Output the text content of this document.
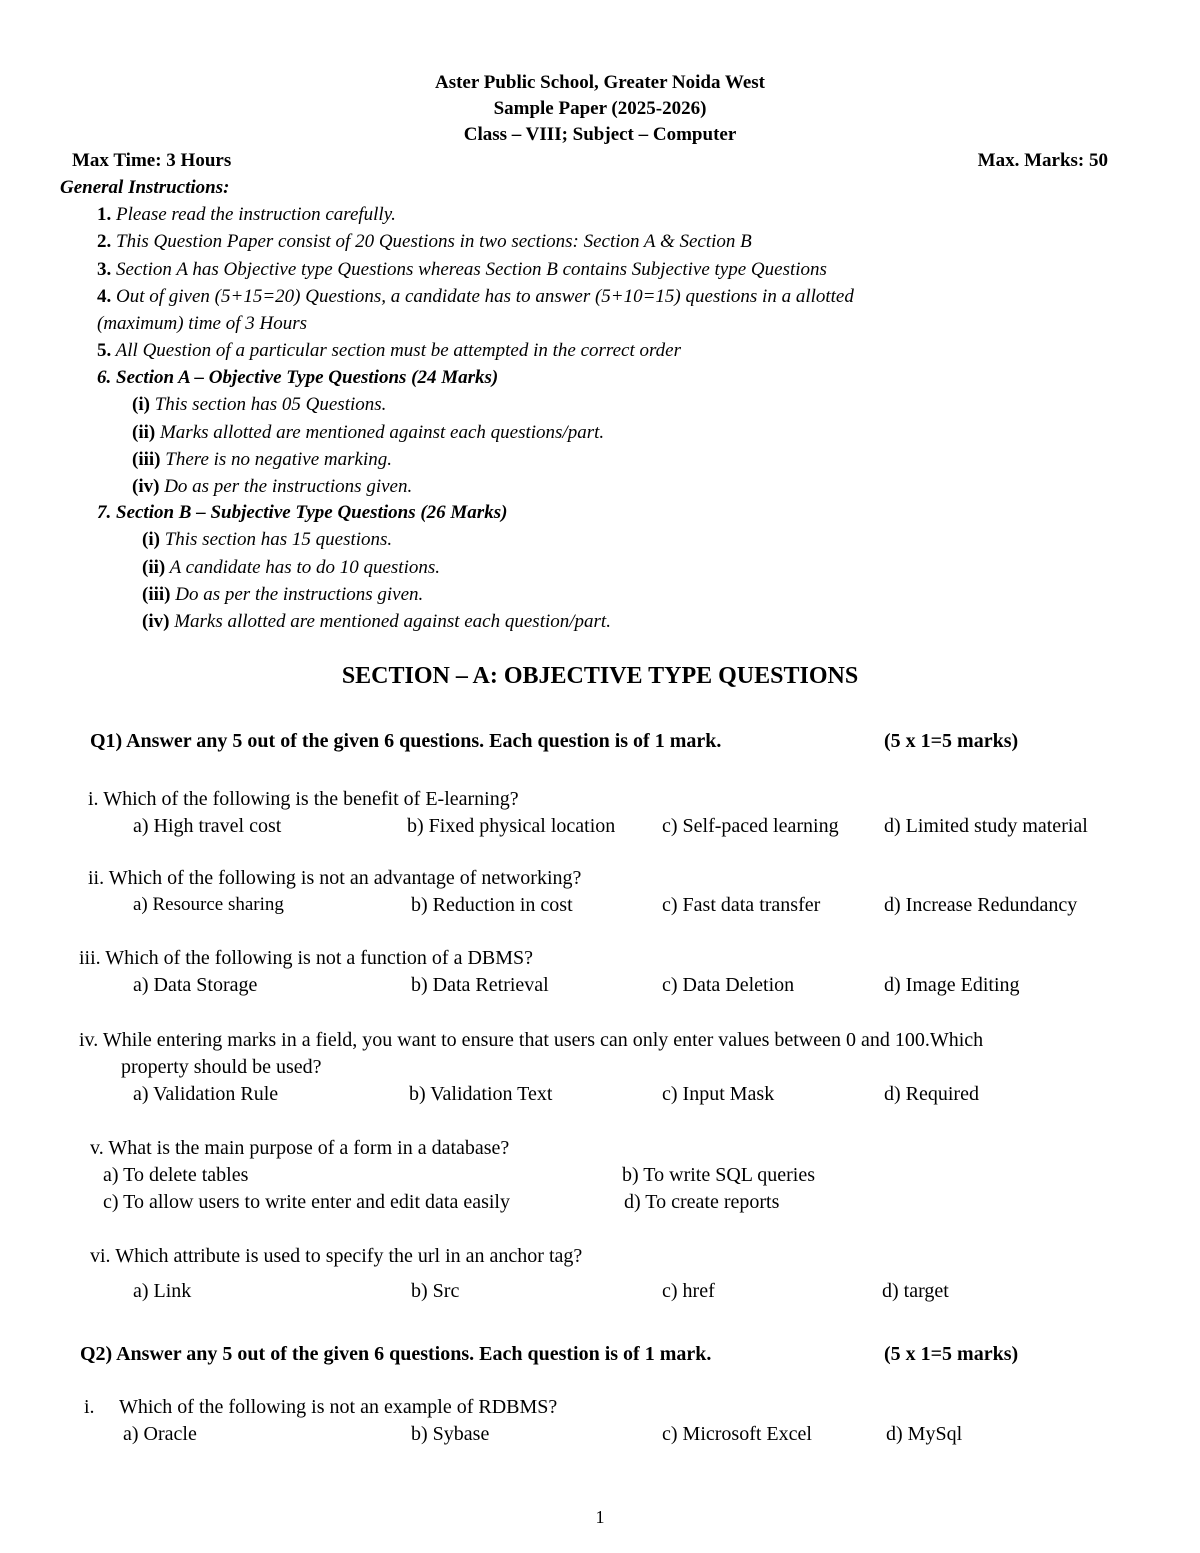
Aster Public School, Greater Noida West
Sample Paper (2025-2026)
Class – VIII; Subject – Computer
Max Time: 3 Hours	Max. Marks: 50
General Instructions:
1. Please read the instruction carefully.
2. This Question Paper consist of 20 Questions in two sections: Section A & Section B
3. Section A has Objective type Questions whereas Section B contains Subjective type Questions
4. Out of given (5+15=20) Questions, a candidate has to answer (5+10=15) questions in a allotted
(maximum) time of 3 Hours
5. All Question of a particular section must be attempted in the correct order
6. Section A – Objective Type Questions (24 Marks)
(i) This section has 05 Questions.
(ii) Marks allotted are mentioned against each questions/part.
(iii) There is no negative marking.
(iv) Do as per the instructions given.
7. Section B – Subjective Type Questions (26 Marks)
(i) This section has 15 questions.
(ii) A candidate has to do 10 questions.
(iii) Do as per the instructions given.
(iv) Marks allotted are mentioned against each question/part.
SECTION – A: OBJECTIVE TYPE QUESTIONS
Q1) Answer any 5 out of the given 6 questions. Each question is of 1 mark.	(5 x 1=5 marks)
i. Which of the following is the benefit of E-learning?
a) High travel cost	b) Fixed physical location c) Self-paced learning d) Limited study material
ii. Which of the following is not an advantage of networking?
a) Resource sharing	b) Reduction in cost	c) Fast data transfer	d) Increase Redundancy
iii. Which of the following is not a function of a DBMS?
a) Data Storage	b) Data Retrieval	c) Data Deletion	d) Image Editing
iv. While entering marks in a field, you want to ensure that users can only enter values between 0 and 100.Which
property should be used?
a) Validation Rule	b) Validation Text	c) Input Mask	d) Required
v. What is the main purpose of a form in a database?
a) To delete tables	b) To write SQL queries
c) To allow users to write enter and edit data easily	d) To create reports
vi. Which attribute is used to specify the url in an anchor tag?
a) Link	b) Src	c) href	d) target
Q2) Answer any 5 out of the given 6 questions. Each question is of 1 mark.	(5 x 1=5 marks)
i. Which of the following is not an example of RDBMS?
a) Oracle	b) Sybase	c) Microsoft Excel	d) MySql
1
